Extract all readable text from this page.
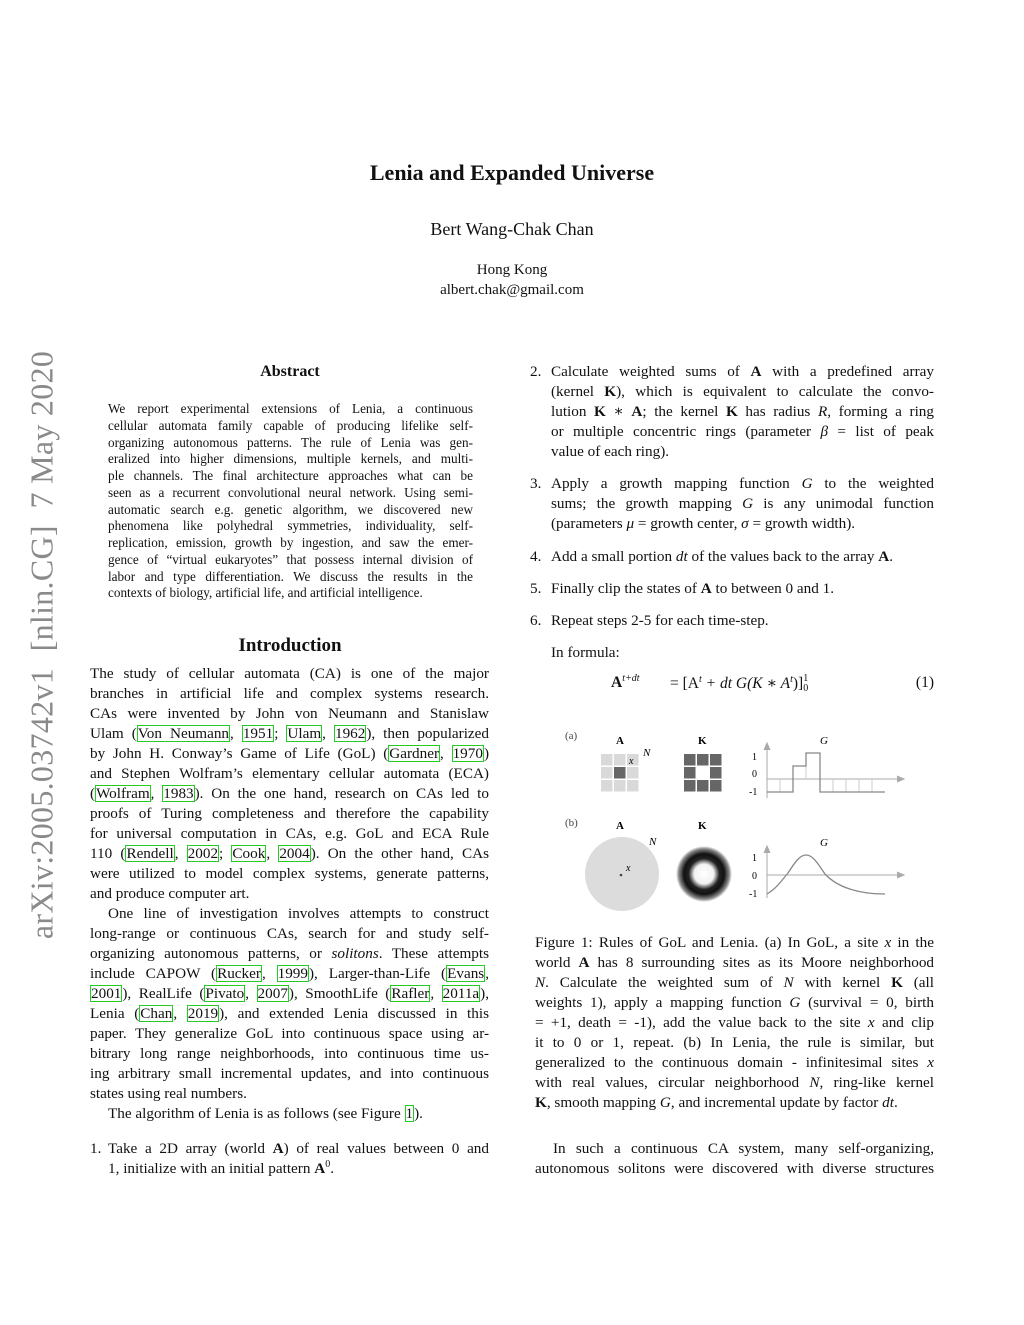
arXiv:2005.03742v1  [nlin.CG]  7 May 2020
Lenia and Expanded Universe
Bert Wang-Chak Chan
Hong Kong
albert.chak@gmail.com
Abstract
We report experimental extensions of Lenia, a continuous
cellular automata family capable of producing lifelike self-
organizing autonomous patterns. The rule of Lenia was gen-
eralized into higher dimensions, multiple kernels, and multi-
ple channels. The final architecture approaches what can be
seen as a recurrent convolutional neural network. Using semi-
automatic search e.g. genetic algorithm, we discovered new
phenomena like polyhedral symmetries, individuality, self-
replication, emission, growth by ingestion, and saw the emer-
gence of “virtual eukaryotes” that possess internal division of
labor and type differentiation. We discuss the results in the
contexts of biology, artificial life, and artificial intelligence.
Introduction
The study of cellular automata (CA) is one of the major
branches in artificial life and complex systems research.
CAs were invented by John von Neumann and Stanislaw
Ulam (Von Neumann, 1951; Ulam, 1962), then popularized
by John H. Conway’s Game of Life (GoL) (Gardner, 1970)
and Stephen Wolfram’s elementary cellular automata (ECA)
(Wolfram, 1983). On the one hand, research on CAs led to
proofs of Turing completeness and therefore the capability
for universal computation in CAs, e.g. GoL and ECA Rule
110 (Rendell, 2002; Cook, 2004). On the other hand, CAs
were utilized to model complex systems, generate patterns,
and produce computer art.
One line of investigation involves attempts to construct
long-range or continuous CAs, search for and study self-
organizing autonomous patterns, or solitons. These attempts
include CAPOW (Rucker, 1999), Larger-than-Life (Evans,
2001), RealLife (Pivato, 2007), SmoothLife (Rafler, 2011a),
Lenia (Chan, 2019), and extended Lenia discussed in this
paper. They generalize GoL into continuous space using ar-
bitrary long range neighborhoods, into continuous time us-
ing arbitrary small incremental updates, and into continuous
states using real numbers.
The algorithm of Lenia is as follows (see Figure 1).
1. Take a 2D array (world A) of real values between 0 and
1, initialize with an initial pattern $A^0$.
2. Calculate weighted sums of A with a predefined array
(kernel K), which is equivalent to calculate the convo-
lution K ∗ A; the kernel K has radius R, forming a ring
or multiple concentric rings (parameter β = list of peak
value of each ring).
3. Apply a growth mapping function G to the weighted
sums; the growth mapping G is any unimodal function
(parameters μ = growth center, σ = growth width).
4. Add a small portion dt of the values back to the array A.
5. Finally clip the states of A to between 0 and 1.
6. Repeat steps 2-5 for each time-step.
In formula:
$A^{t+dt} = [A^t$ + dt G(K ∗ $A^t$)] 1
0	(1)
(a)	A
x
N
K	G
1
0
-1
(b)	A
x
N
K
G
1
0
-1
Figure 1: Rules of GoL and Lenia. (a) In GoL, a site x in the
world A has 8 surrounding sites as its Moore neighborhood
N. Calculate the weighted sum of N with kernel K (all
weights 1), apply a mapping function G (survival = 0, birth
= +1, death = -1), add the value back to the site x and clip
it to 0 or 1, repeat. (b) In Lenia, the rule is similar, but
generalized to the continuous domain - infinitesimal sites x
with real values, circular neighborhood N, ring-like kernel
K, smooth mapping G, and incremental update by factor dt.
In such a continuous CA system, many self-organizing,
autonomous solitons were discovered with diverse structures
